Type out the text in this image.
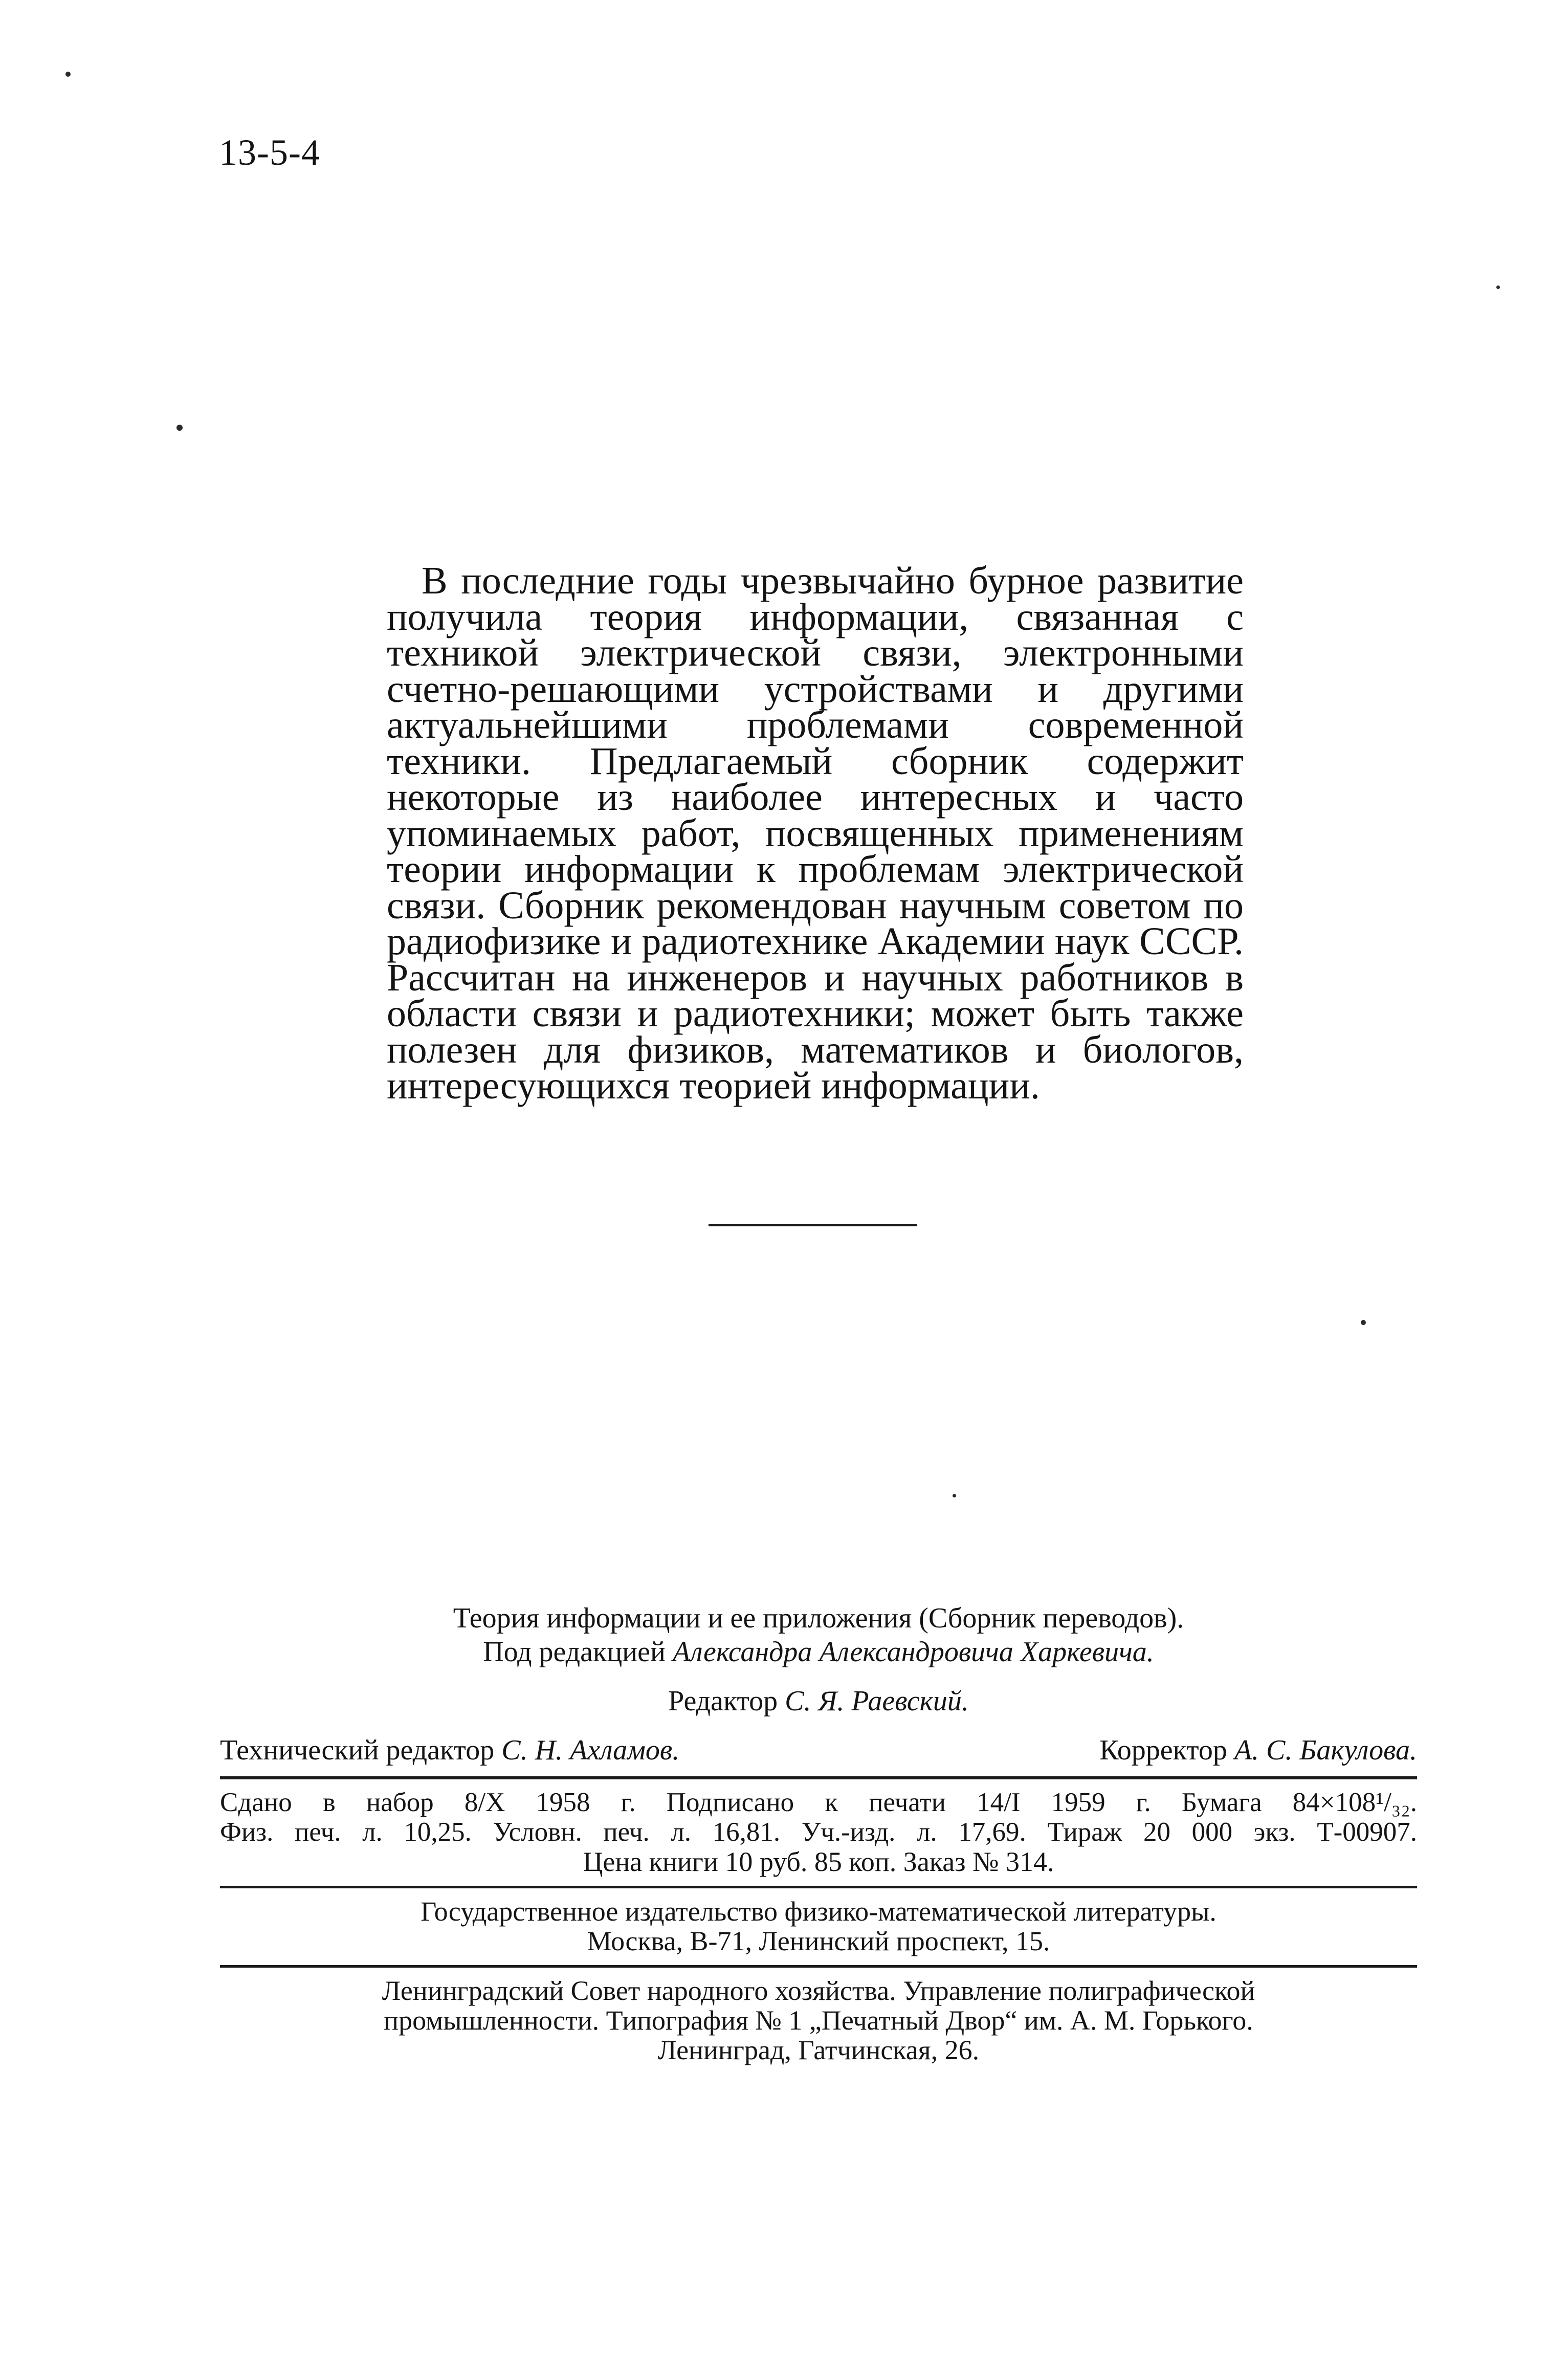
13-5-4

В последние годы чрезвычайно бурное развитие получила теория информации, связанная с техникой электрической связи, электронными счетно-решающими устройствами и другими актуальнейшими проблемами современной техники. Предлагаемый сборник содержит некоторые из наиболее интересных и часто упоминаемых работ, посвященных применениям теории информации к проблемам электрической связи. Сборник рекомендован научным советом по радиофизике и радиотехнике Академии наук СССР. Рассчитан на инженеров и научных работников в области связи и радиотехники; может быть также полезен для физиков, математиков и биологов, интересующихся теорией информации.

Теория информации и ее приложения (Сборник переводов).
Под редакцией Александра Александровича Харкевича.
Редактор С. Я. Раевский.
Технический редактор С. Н. Ахламов.	Корректор А. С. Бакулова.
Сдано в набор 8/X 1958 г. Подписано к печати 14/I 1959 г. Бумага 84×108¹/₃₂.
Физ. печ. л. 10,25. Условн. печ. л. 16,81. Уч.-изд. л. 17,69. Тираж 20 000 экз. Т-00907.
Цена книги 10 руб. 85 коп. Заказ № 314.
Государственное издательство физико-математической литературы.
Москва, В-71, Ленинский проспект, 15.
Ленинградский Совет народного хозяйства. Управление полиграфической
промышленности. Типография № 1 „Печатный Двор“ им. А. М. Горького.
Ленинград, Гатчинская, 26.
